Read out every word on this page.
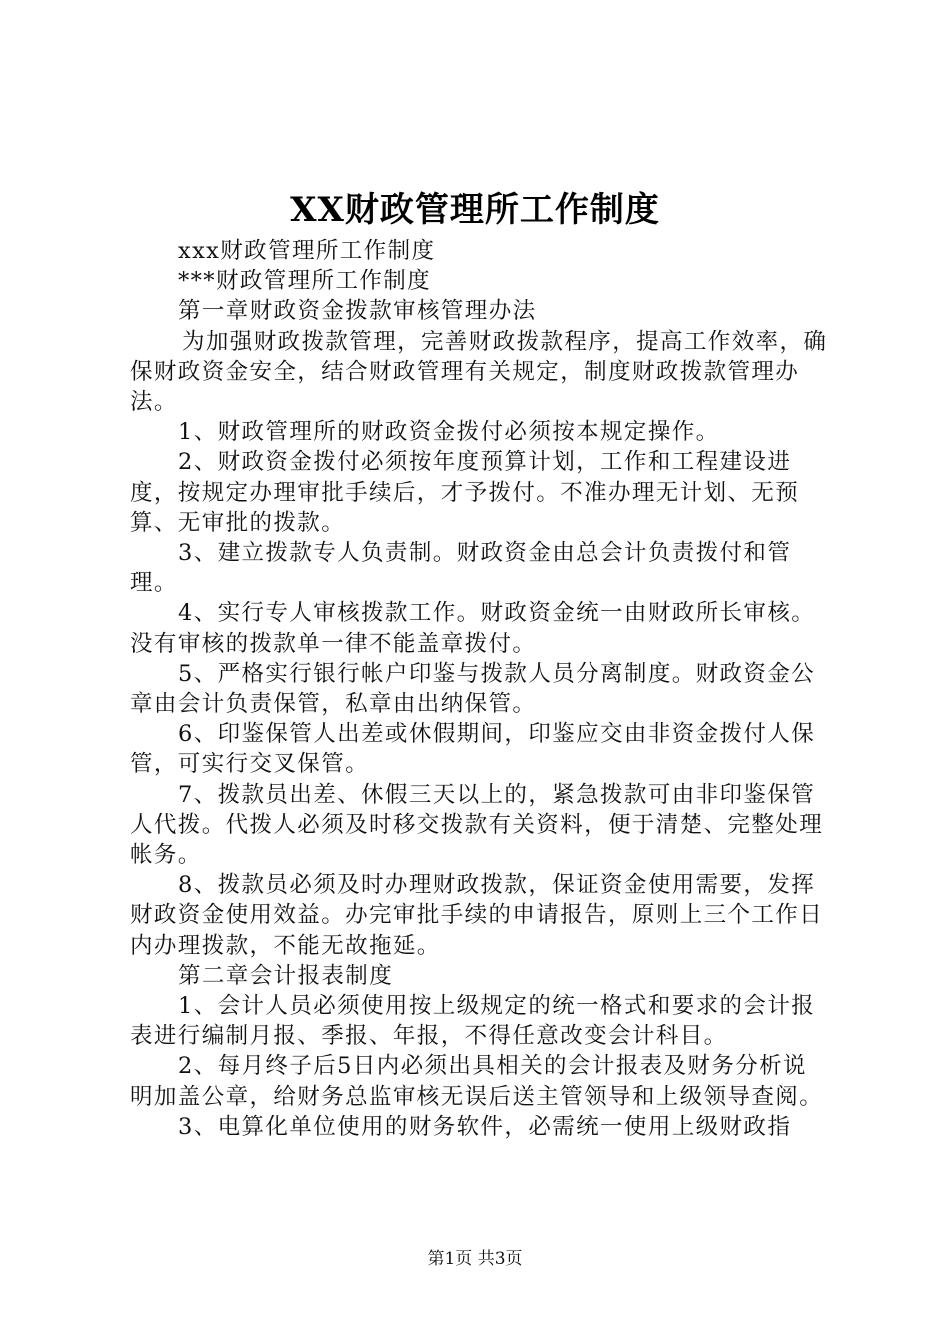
XX财政管理所工作制度

xxx财政管理所工作制度

***财政管理所工作制度

第一章财政资金拨款审核管理办法

为加强财政拨款管理，完善财政拨款程序，提高工作效率，确保财政资金安全，结合财政管理有关规定，制度财政拨款管理办法。

1、财政管理所的财政资金拨付必须按本规定操作。

2、财政资金拨付必须按年度预算计划，工作和工程建设进度，按规定办理审批手续后，才予拨付。不准办理无计划、无预算、无审批的拨款。

3、建立拨款专人负责制。财政资金由总会计负责拨付和管理。

4、实行专人审核拨款工作。财政资金统一由财政所长审核。没有审核的拨款单一律不能盖章拨付。

5、严格实行银行帐户印鉴与拨款人员分离制度。财政资金公章由会计负责保管，私章由出纳保管。

6、印鉴保管人出差或休假期间，印鉴应交由非资金拨付人保管，可实行交叉保管。

7、拨款员出差、休假三天以上的，紧急拨款可由非印鉴保管人代拨。代拨人必须及时移交拨款有关资料，便于清楚、完整处理帐务。

8、拨款员必须及时办理财政拨款，保证资金使用需要，发挥财政资金使用效益。办完审批手续的申请报告，原则上三个工作日内办理拨款，不能无故拖延。

第二章会计报表制度

1、会计人员必须使用按上级规定的统一格式和要求的会计报表进行编制月报、季报、年报，不得任意改变会计科目。

2、每月终子后5日内必须出具相关的会计报表及财务分析说明加盖公章，给财务总监审核无误后送主管领导和上级领导查阅。

3、电算化单位使用的财务软件，必需统一使用上级财政指

第1页 共3页
